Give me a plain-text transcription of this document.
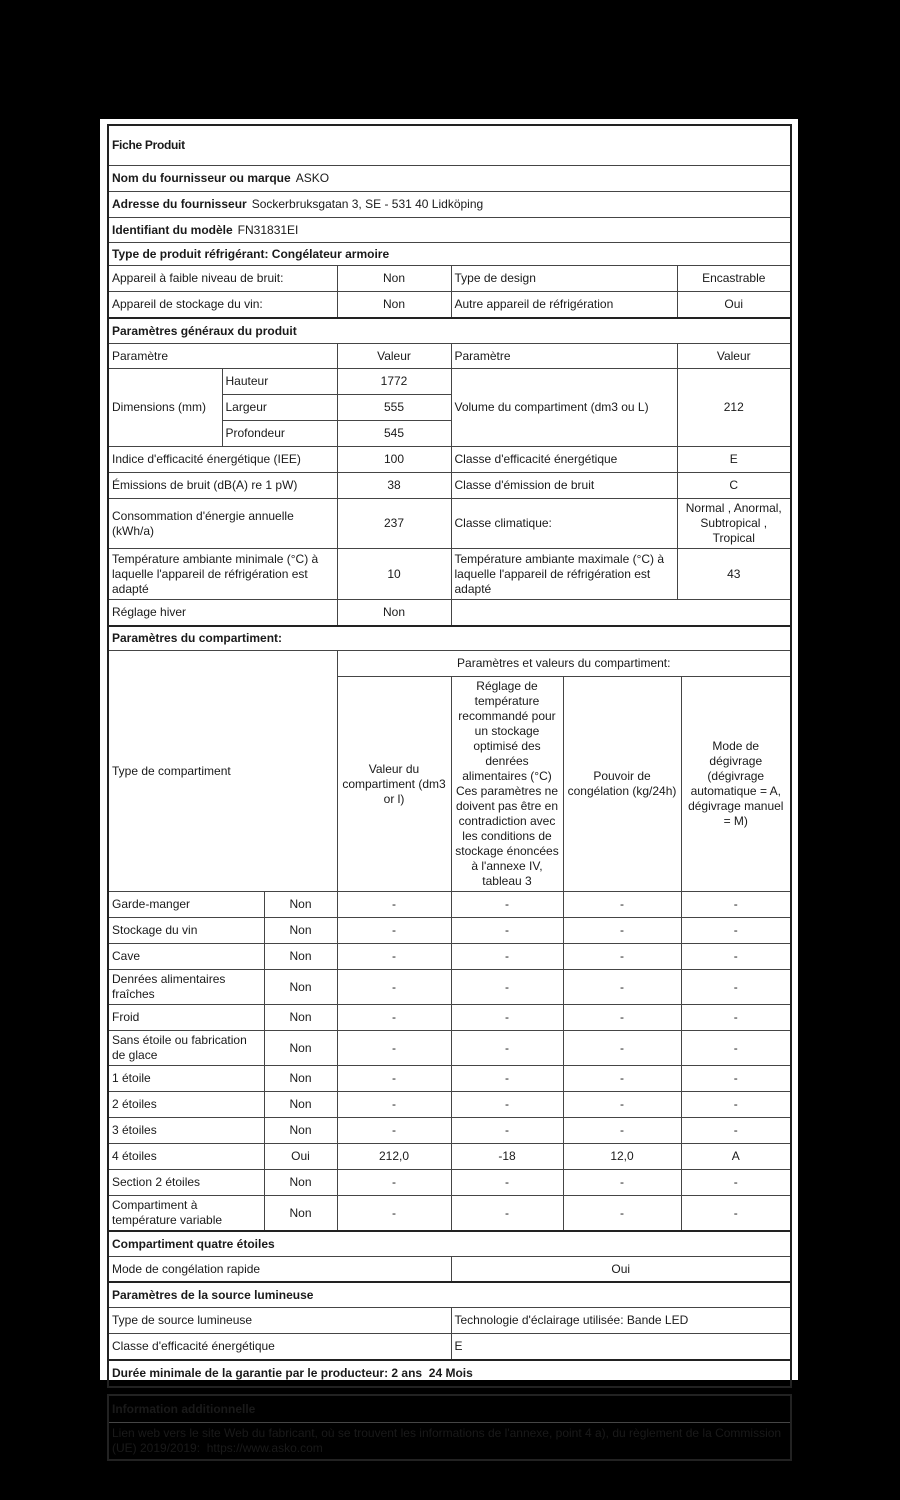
Fiche Produit				
Nom du fournisseur ou marque ASKO				
Adresse du fournisseur Sockerbruksgatan 3, SE - 531 40 Lidköping				
Identifiant du modèle FN31831EI				
Type de produit réfrigérant: Congélateur armoire				
Appareil à faible niveau de bruit:		Non	Type de design	Encastrable
Appareil de stockage du vin:		Non	Autre appareil de réfrigération	Oui
Paramètres généraux du produit				
Paramètre		Valeur	Paramètre	Valeur
Dimensions (mm)	Hauteur	1772	Volume du compartiment (dm3 ou L)	212
	Largeur	555		
	Profondeur	545		
Indice d'efficacité énergétique (IEE)		100	Classe d'efficacité énergétique	E
Émissions de bruit (dB(A) re 1 pW)		38	Classe d'émission de bruit	C
Consommation d'énergie annuelle (kWh/a)		237	Classe climatique:	Normal , Anormal, Subtropical , Tropical
Température ambiante minimale (°C) à laquelle l'appareil de réfrigération est adapté		10	Température ambiante maximale (°C) à laquelle l'appareil de réfrigération est adapté	43
Réglage hiver		Non		
Paramètres du compartiment:					
Type de compartiment		Paramètres et valeurs du compartiment:			
		Valeur du compartiment (dm3 or l)	Réglage de température recommandé pour un stockage optimisé des denrées alimentaires (°C) Ces paramètres ne doivent pas être en contradiction avec les conditions de stockage énoncées à l'annexe IV, tableau 3	Pouvoir de congélation (kg/24h)	Mode de dégivrage (dégivrage automatique = A, dégivrage manuel = M)
Garde-manger	Non	-	-	-	-
Stockage du vin	Non	-	-	-	-
Cave	Non	-	-	-	-
Denrées alimentaires fraîches	Non	-	-	-	-
Froid	Non	-	-	-	-
Sans étoile ou fabrication de glace	Non	-	-	-	-
1 étoile	Non	-	-	-	-
2 étoiles	Non	-	-	-	-
3 étoiles	Non	-	-	-	-
4 étoiles	Oui	212,0	-18	12,0	A
Section 2 étoiles	Non	-	-	-	-
Compartiment à température variable	Non	-	-	-	-
Compartiment quatre étoiles	
Mode de congélation rapide	Oui
Paramètres de la source lumineuse	
Type de source lumineuse	Technologie d'éclairage utilisée: Bande LED
Classe d'efficacité énergétique	E
Durée minimale de la garantie par le producteur: 2 ans  24 Mois	
Information additionnelle
Lien web vers le site Web du fabricant, où se trouvent les informations de l'annexe, point 4 a), du règlement de la Commission (UE) 2019/2019:  https://www.asko.com
